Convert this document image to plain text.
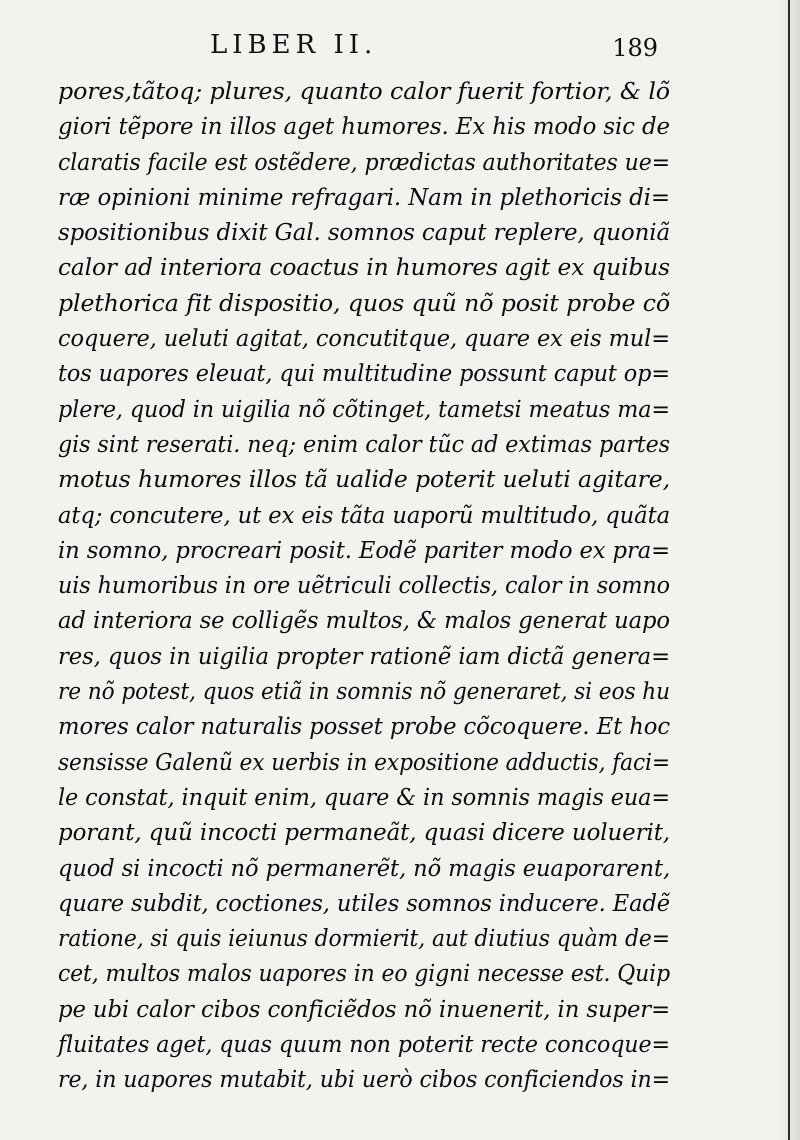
LIBER II.	189
pores,tãtoq; plures, quanto calor fuerit fortior, & lõ
giori tẽpore in illos aget humores. Ex his modo sic de
claratis facile est ostẽdere, prædictas authoritates ue=
ræ opinioni minime refragari. Nam in plethoricis di=
spositionibus dixit Gal. somnos caput replere, quoniã
calor ad interiora coactus in humores agit ex quibus
plethorica fit dispositio, quos quũ nõ posit probe cõ
coquere, ueluti agitat, concutitque, quare ex eis mul=
tos uapores eleuat, qui multitudine possunt caput op=
plere, quod in uigilia nõ cõtinget, tametsi meatus ma=
gis sint reserati. neq; enim calor tũc ad extimas partes
motus humores illos tã ualide poterit ueluti agitare,
atq; concutere, ut ex eis tãta uaporũ multitudo, quãta
in somno, procreari posit. Eodẽ pariter modo ex pra=
uis humoribus in ore uẽtriculi collectis, calor in somno
ad interiora se colligẽs multos, & malos generat uapo
res, quos in uigilia propter rationẽ iam dictã genera=
re nõ potest, quos etiã in somnis nõ generaret, si eos hu
mores calor naturalis posset probe cõcoquere. Et hoc
sensisse Galenũ ex uerbis in expositione adductis, faci=
le constat, inquit enim, quare & in somnis magis eua=
porant, quũ incocti permaneãt, quasi dicere uoluerit,
quod si incocti nõ permanerẽt, nõ magis euaporarent,
quare subdit, coctiones, utiles somnos inducere. Eadẽ
ratione, si quis ieiunus dormierit, aut diutius quàm de=
cet, multos malos uapores in eo gigni necesse est. Quip
pe ubi calor cibos conficiẽdos nõ inuenerit, in super=
fluitates aget, quas quum non poterit recte concoque=
re, in uapores mutabit, ubi uerò cibos conficiendos in=
